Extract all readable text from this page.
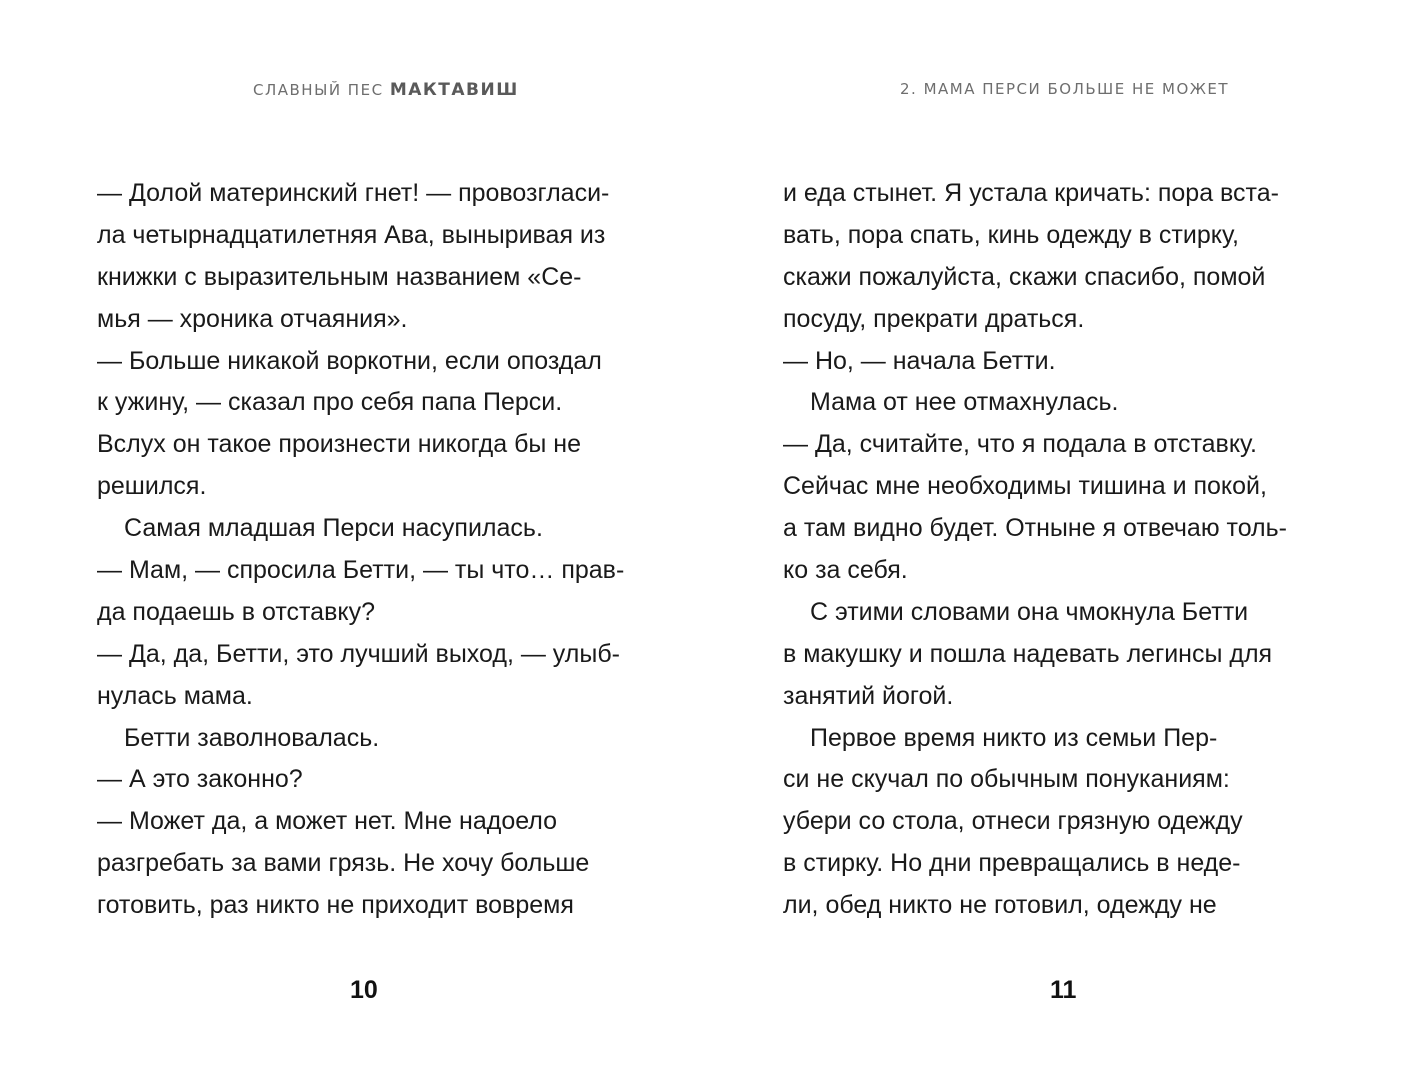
СЛАВНЫЙ ПЕС МАКТАВИШ
— Долой материнский гнет! — провозгласи-
ла четырнадцатилетняя Ава, выныривая из
книжки с выразительным названием «Се-
мья — хроника отчаяния».
— Больше никакой воркотни, если опоздал
к ужину, — сказал про себя папа Перси.
Вслух он такое произнести никогда бы не
решился.
Самая младшая Перси насупилась.
— Мам, — спросила Бетти, — ты что… прав-
да подаешь в отставку?
— Да, да, Бетти, это лучший выход, — улыб-
нулась мама.
Бетти заволновалась.
— А это законно?
— Может да, а может нет. Мне надоело
разгребать за вами грязь. Не хочу больше
готовить, раз никто не приходит вовремя
10
2. МАМА ПЕРСИ БОЛЬШЕ НЕ МОЖЕТ
и еда стынет. Я устала кричать: пора вста-
вать, пора спать, кинь одежду в стирку,
скажи пожалуйста, скажи спасибо, помой
посуду, прекрати драться.
— Но, — начала Бетти.
Мама от нее отмахнулась.
— Да, считайте, что я подала в отставку.
Сейчас мне необходимы тишина и покой,
а там видно будет. Отныне я отвечаю толь-
ко за себя.
С этими словами она чмокнула Бетти
в макушку и пошла надевать легинсы для
занятий йогой.
Первое время никто из семьи Пер-
си не скучал по обычным понуканиям:
убери со стола, отнеси грязную одежду
в стирку. Но дни превращались в неде-
ли, обед никто не готовил, одежду не
11
